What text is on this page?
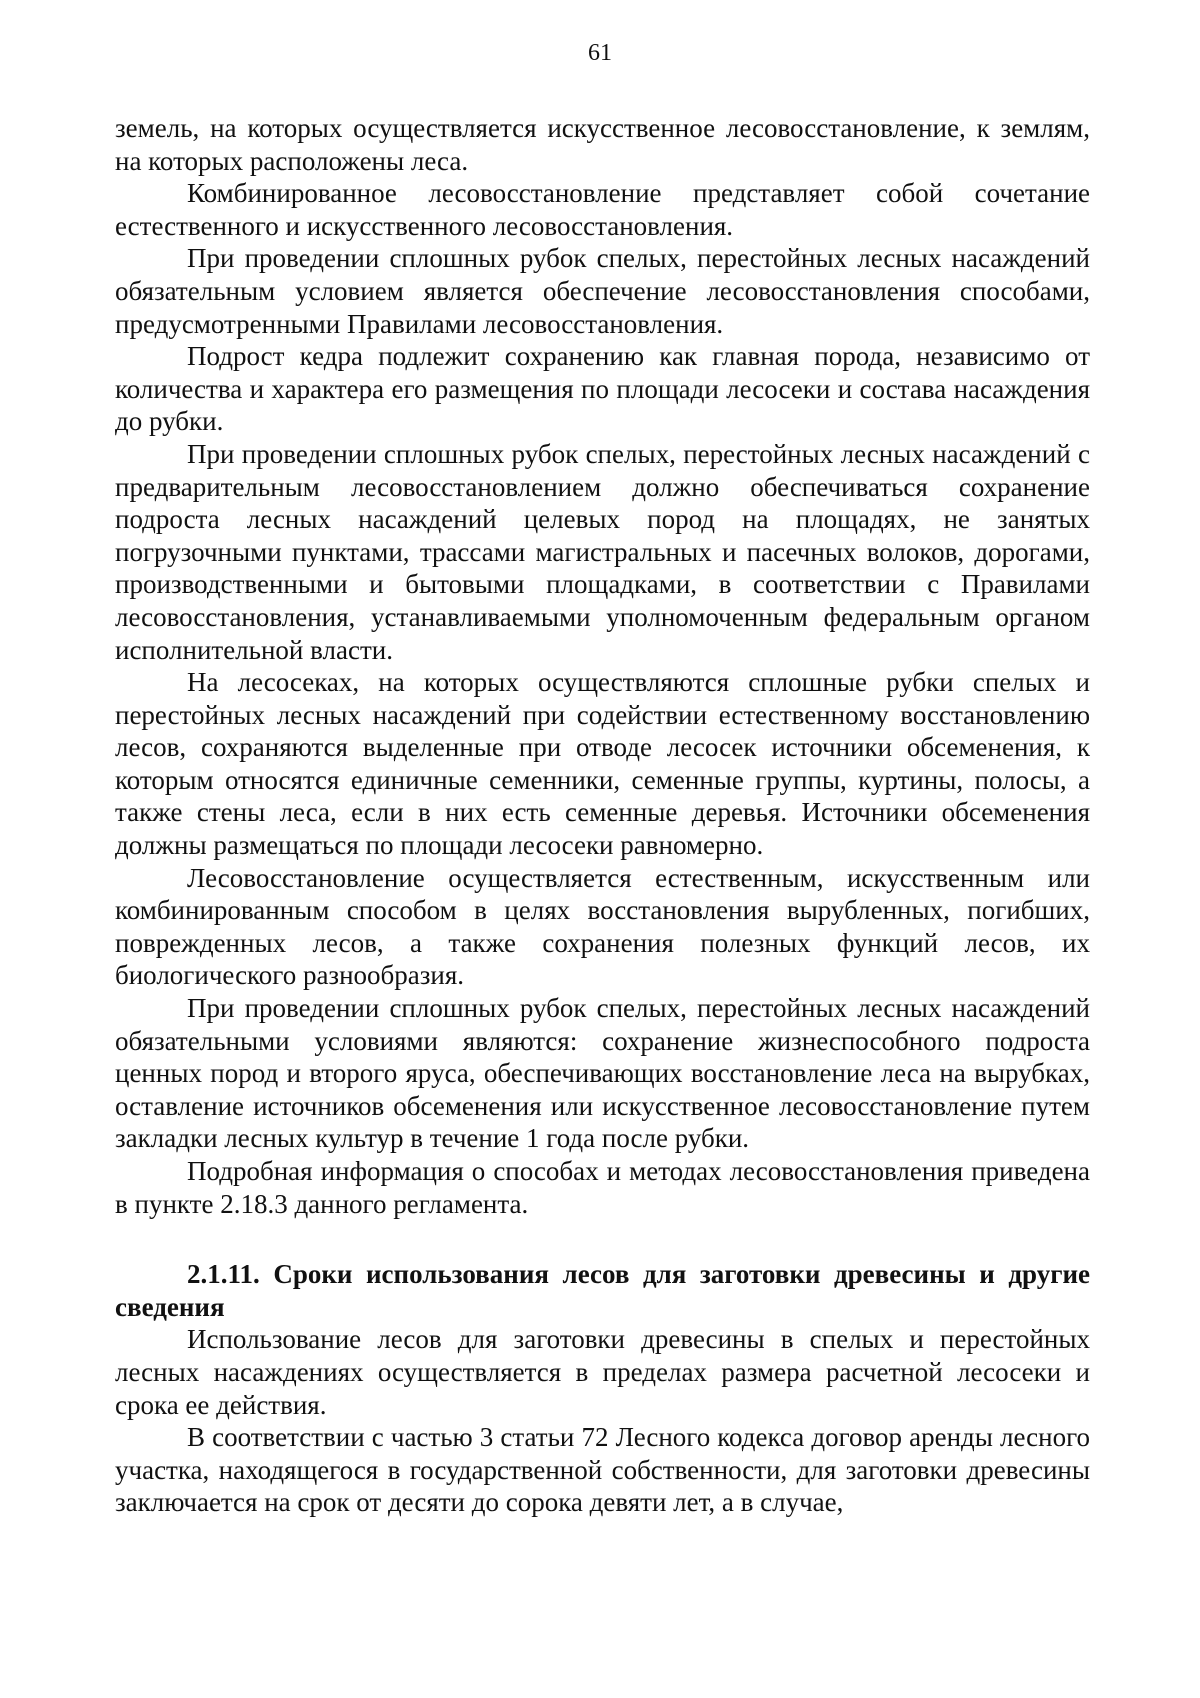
61

земель, на которых осуществляется искусственное лесовосстановление, к землям, на которых расположены леса.

Комбинированное лесовосстановление представляет собой сочетание естественного и искусственного лесовосстановления.

При проведении сплошных рубок спелых, перестойных лесных насаждений обязательным условием является обеспечение лесовосстановления способами, предусмотренными Правилами лесовосстановления.

Подрост кедра подлежит сохранению как главная порода, независимо от количества и характера его размещения по площади лесосеки и состава насаждения до рубки.

При проведении сплошных рубок спелых, перестойных лесных насаждений с предварительным лесовосстановлением должно обеспечиваться сохранение подроста лесных насаждений целевых пород на площадях, не занятых погрузочными пунктами, трассами магистральных и пасечных волоков, дорогами, производственными и бытовыми площадками, в соответствии с Правилами лесовосстановления, устанавливаемыми уполномоченным федеральным органом исполнительной власти.

На лесосеках, на которых осуществляются сплошные рубки спелых и перестойных лесных насаждений при содействии естественному восстановлению лесов, сохраняются выделенные при отводе лесосек источники обсеменения, к которым относятся единичные семенники, семенные группы, куртины, полосы, а также стены леса, если в них есть семенные деревья. Источники обсеменения должны размещаться по площади лесосеки равномерно.

Лесовосстановление осуществляется естественным, искусственным или комбинированным способом в целях восстановления вырубленных, погибших, поврежденных лесов, а также сохранения полезных функций лесов, их биологического разнообразия.

При проведении сплошных рубок спелых, перестойных лесных насаждений обязательными условиями являются: сохранение жизнеспособного подроста ценных пород и второго яруса, обеспечивающих восстановление леса на вырубках, оставление источников обсеменения или искусственное лесовосстановление путем закладки лесных культур в течение 1 года после рубки.

Подробная информация о способах и методах лесовосстановления приведена в пункте 2.18.3 данного регламента.

2.1.11. Сроки использования лесов для заготовки древесины и другие сведения

Использование лесов для заготовки древесины в спелых и перестойных лесных насаждениях осуществляется в пределах размера расчетной лесосеки и срока ее действия.

В соответствии с частью 3 статьи 72 Лесного кодекса договор аренды лесного участка, находящегося в государственной собственности, для заготовки древесины заключается на срок от десяти до сорока девяти лет, а в случае,
